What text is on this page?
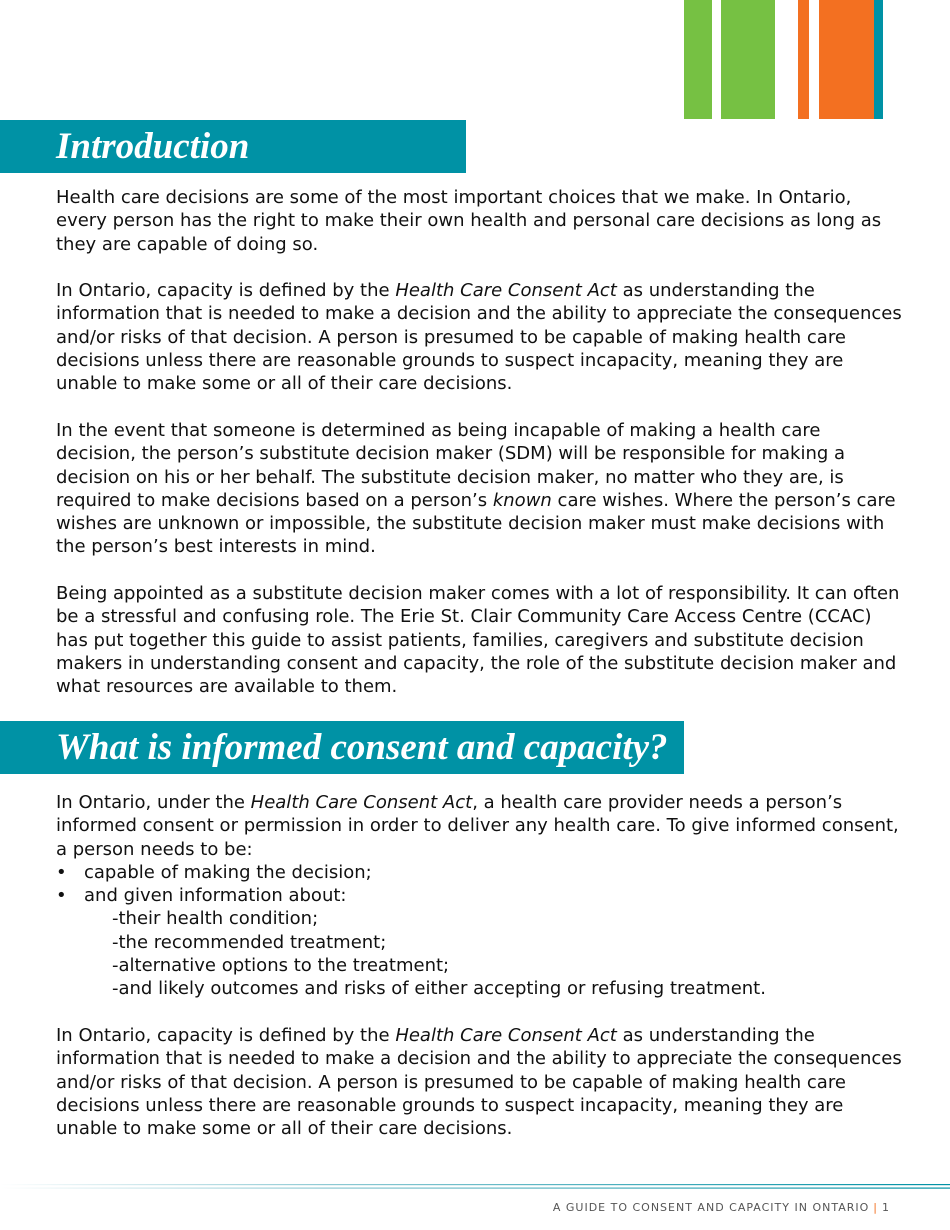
Introduction

Health care decisions are some of the most important choices that we make. In Ontario, every person has the right to make their own health and personal care decisions as long as they are capable of doing so.

In Ontario, capacity is defined by the Health Care Consent Act as understanding the information that is needed to make a decision and the ability to appreciate the consequences and/or risks of that decision. A person is presumed to be capable of making health care decisions unless there are reasonable grounds to suspect incapacity, meaning they are unable to make some or all of their care decisions.

In the event that someone is determined as being incapable of making a health care decision, the person’s substitute decision maker (SDM) will be responsible for making a decision on his or her behalf. The substitute decision maker, no matter who they are, is required to make decisions based on a person’s known care wishes. Where the person’s care wishes are unknown or impossible, the substitute decision maker must make decisions with the person’s best interests in mind.

Being appointed as a substitute decision maker comes with a lot of responsibility. It can often be a stressful and confusing role. The Erie St. Clair Community Care Access Centre (CCAC) has put together this guide to assist patients, families, caregivers and substitute decision makers in understanding consent and capacity, the role of the substitute decision maker and what resources are available to them.

What is informed consent and capacity?

In Ontario, under the Health Care Consent Act, a health care provider needs a person’s informed consent or permission in order to deliver any health care. To give informed consent, a person needs to be:

• capable of making the decision;
• and given information about:

-their health condition;

-the recommended treatment;

-alternative options to the treatment;

-and likely outcomes and risks of either accepting or refusing treatment.

In Ontario, capacity is defined by the Health Care Consent Act as understanding the information that is needed to make a decision and the ability to appreciate the consequences and/or risks of that decision. A person is presumed to be capable of making health care decisions unless there are reasonable grounds to suspect incapacity, meaning they are unable to make some or all of their care decisions.

A GUIDE TO CONSENT AND CAPACITY IN ONTARIO | 1
